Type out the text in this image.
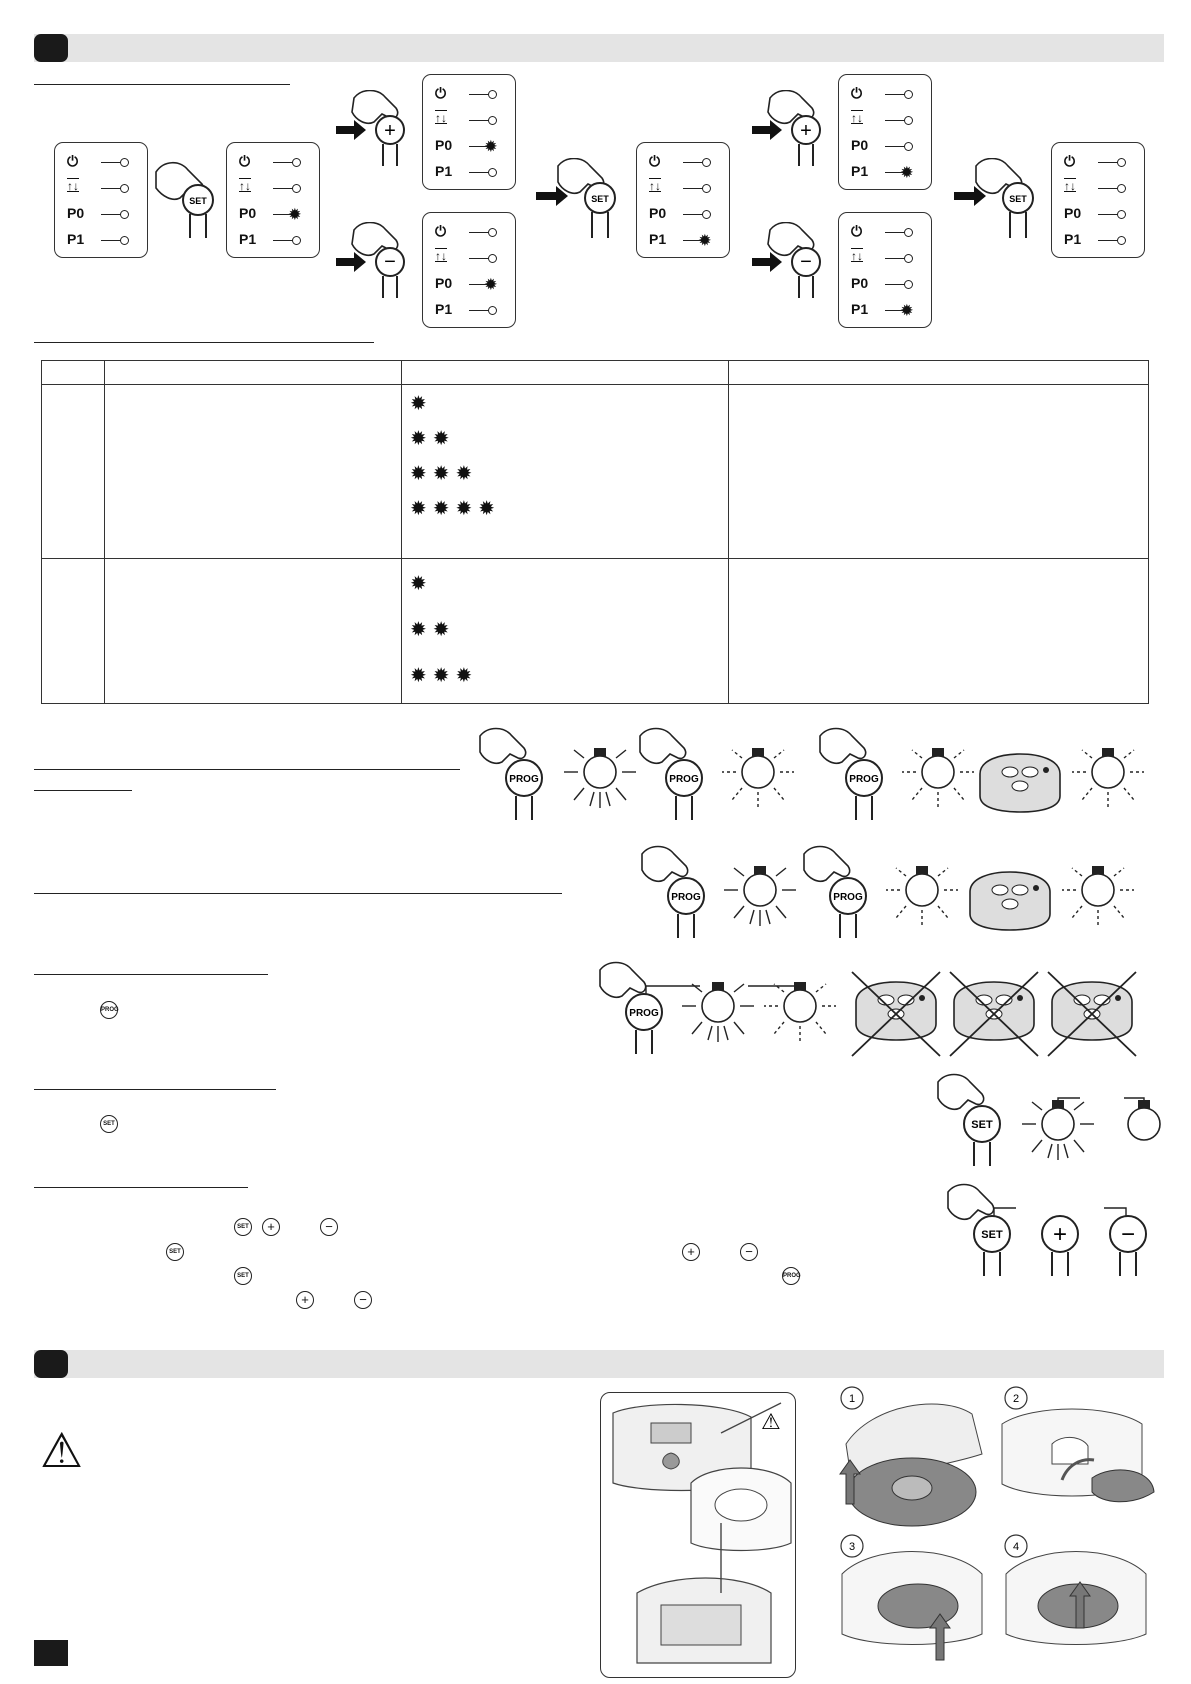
⏻
↑↓
P0
P1
SET
⏻
↑↓
P0	✹
P1
+
−
⏻
↑↓
P0	✹
P1
⏻
↑↓
P0	✹
P1
SET
⏻
↑↓
P0
P1	✹
+
−
⏻
↑↓
P0
P1	✹
⏻
↑↓
P0
P1	✹
SET
⏻
↑↓
P0
P1

		✹
✹✹
✹✹✹
✹✹✹✹	

		✹
✹✹
✹✹✹	

PROG	PROG	PROG
PROG	PROG
PROG
SET
SET + −
PROG
SET
SET	+	−
SET
SET
+	−
+	−
PROG
⚠
⚠
1	2
3	4
